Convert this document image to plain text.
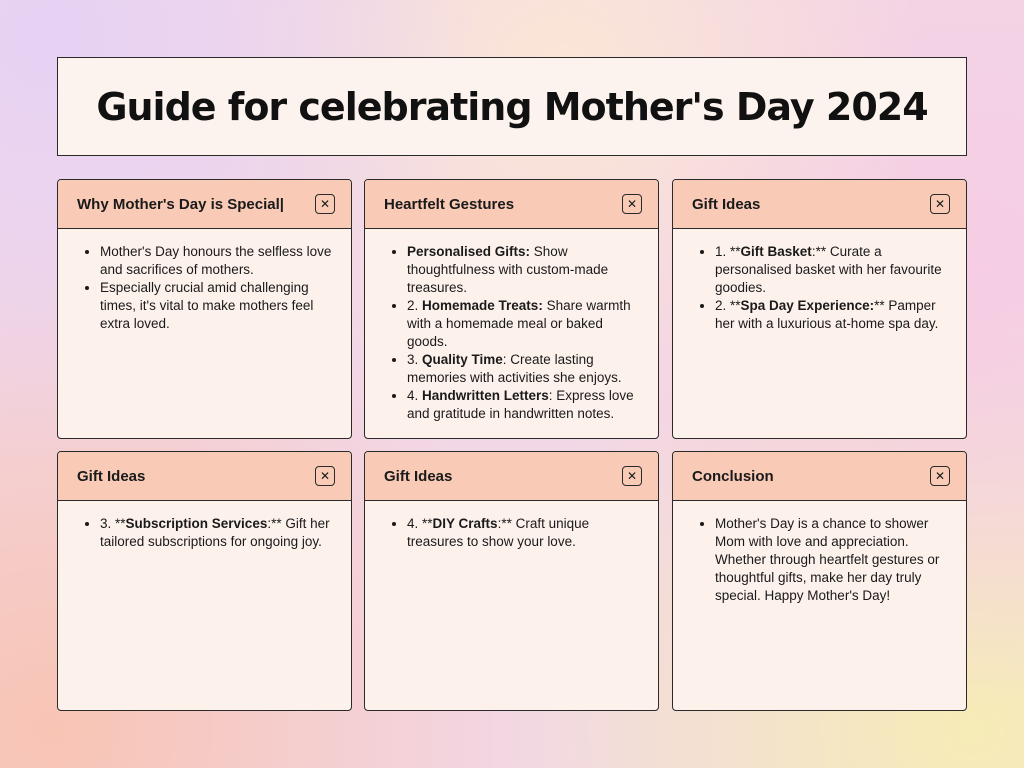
Guide for celebrating Mother's Day 2024
Why Mother's Day is Special|	✕
• Mother's Day honours the selfless love and sacrifices of mothers.
• Especially crucial amid challenging times, it's vital to make mothers feel extra loved.
Heartfelt Gestures	✕
• Personalised Gifts: Show thoughtfulness with custom-made treasures.
• 2. Homemade Treats: Share warmth with a homemade meal or baked goods.
• 3. Quality Time: Create lasting memories with activities she enjoys.
• 4. Handwritten Letters: Express love and gratitude in handwritten notes.
Gift Ideas	✕
• 1. **Gift Basket:** Curate a personalised basket with her favourite goodies.
• 2. **Spa Day Experience:** Pamper her with a luxurious at-home spa day.
Gift Ideas	✕
• 3. **Subscription Services:** Gift her tailored subscriptions for ongoing joy.
Gift Ideas	✕
• 4. **DIY Crafts:** Craft unique treasures to show your love.
Conclusion	✕
• Mother's Day is a chance to shower Mom with love and appreciation. Whether through heartfelt gestures or thoughtful gifts, make her day truly special. Happy Mother's Day!
